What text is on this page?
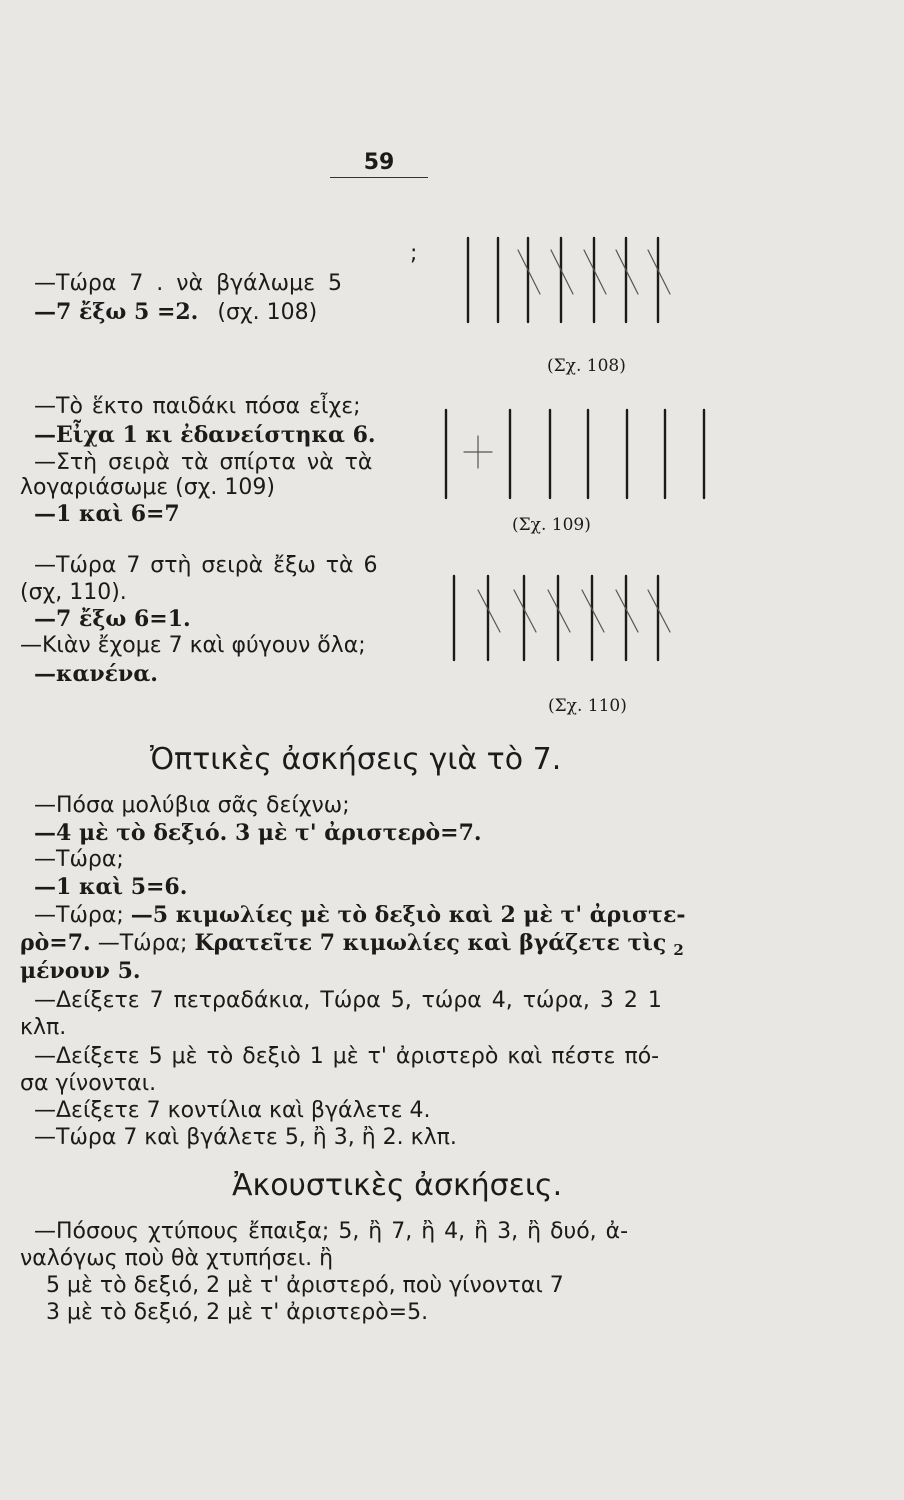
59
;
—Τώρα 7 . νὰ βγάλωμε 5
—7 ἔξω 5 =2. (σχ. 108)
(Σχ. 108)
—Τὸ ἕκτο παιδάκι πόσα εἶχε;
—Εἶχα 1 κι ἐδανείστηκα 6.
—Στὴ σειρὰ τὰ σπίρτα νὰ τὰ
λογαριάσωμε (σχ. 109)
—1 καὶ 6=7	(Σχ. 109)
—Τώρα 7 στὴ σειρὰ ἔξω τὰ 6
(σχ, 110).
—7 ἔξω 6=1.
—Κιὰν ἔχομε 7 καὶ φύγουν ὅλα;
—κανένα.
(Σχ. 110)
Ὀπτικὲς ἀσκήσεις γιὰ τὸ 7.
—Πόσα μολύβια σᾶς δείχνω;
—4 μὲ τὸ δεξιό. 3 μὲ τ' ἀριστερὸ=7.
—Τώρα;
—1 καὶ 5=6.
—Τώρα; —5 κιμωλίες μὲ τὸ δεξιὸ καὶ 2 μὲ τ' ἀριστε-
ρὸ=7. —Τώρα; Κρατεῖτε 7 κιμωλίες καὶ βγάζετε τὶς $_2$
μένουν 5.
—Δείξετε 7 πετραδάκια, Τώρα 5, τώρα 4, τώρα, 3 2 1
κλπ.
—Δείξετε 5 μὲ τὸ δεξιὸ 1 μὲ τ' ἀριστερὸ καὶ πέστε πό-
σα γίνονται.
—Δείξετε 7 κοντίλια καὶ βγάλετε 4.
—Τώρα 7 καὶ βγάλετε 5, ἢ 3, ἢ 2. κλπ.
Ἀκουστικὲς ἀσκήσεις.
—Πόσους χτύπους ἔπαιξα; 5, ἢ 7, ἢ 4, ἢ 3, ἢ δυό, ἀ-
ναλόγως ποὺ θὰ χτυπήσει. ἢ
5 μὲ τὸ δεξιό, 2 μὲ τ' ἀριστερό, ποὺ γίνονται 7
3 μὲ τὸ δεξιό, 2 μὲ τ' ἀριστερὸ=5.
